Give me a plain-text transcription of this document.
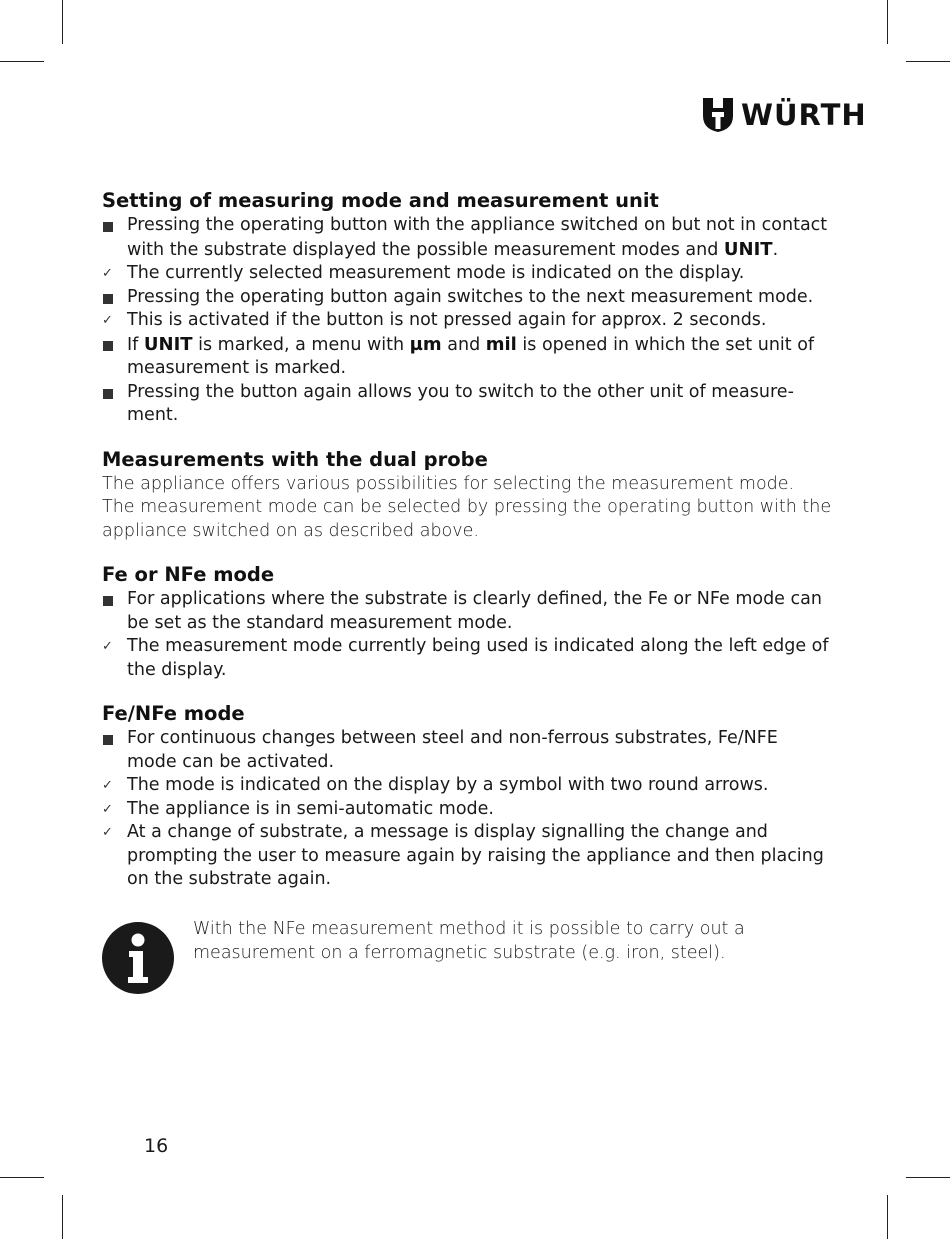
WÜRTH
Setting of measuring mode and measurement unit
Pressing the operating button with the appliance switched on but not in contact with the substrate displayed the possible measurement modes and UNIT.
✓ The currently selected measurement mode is indicated on the display.
Pressing the operating button again switches to the next measurement mode.
✓ This is activated if the button is not pressed again for approx. 2 seconds.
If UNIT is marked, a menu with µm and mil is opened in which the set unit of measurement is marked.
Pressing the button again allows you to switch to the other unit of measure-ment.
Measurements with the dual probe

The appliance offers various possibilities for selecting the measurement mode. The measurement mode can be selected by pressing the operating button with the appliance switched on as described above.

Fe or NFe mode
For applications where the substrate is clearly defined, the Fe or NFe mode can be set as the standard measurement mode.
✓ The measurement mode currently being used is indicated along the left edge of the display.
Fe/NFe mode
For continuous changes between steel and non-ferrous substrates, Fe/NFE mode can be activated.
✓ The mode is indicated on the display by a symbol with two round arrows.
✓ The appliance is in semi-automatic mode.
✓ At a change of substrate, a message is display signalling the change and prompting the user to measure again by raising the appliance and then placing on the substrate again.
With the NFe measurement method it is possible to carry out a measurement on a ferromagnetic substrate (e.g. iron, steel).
16
